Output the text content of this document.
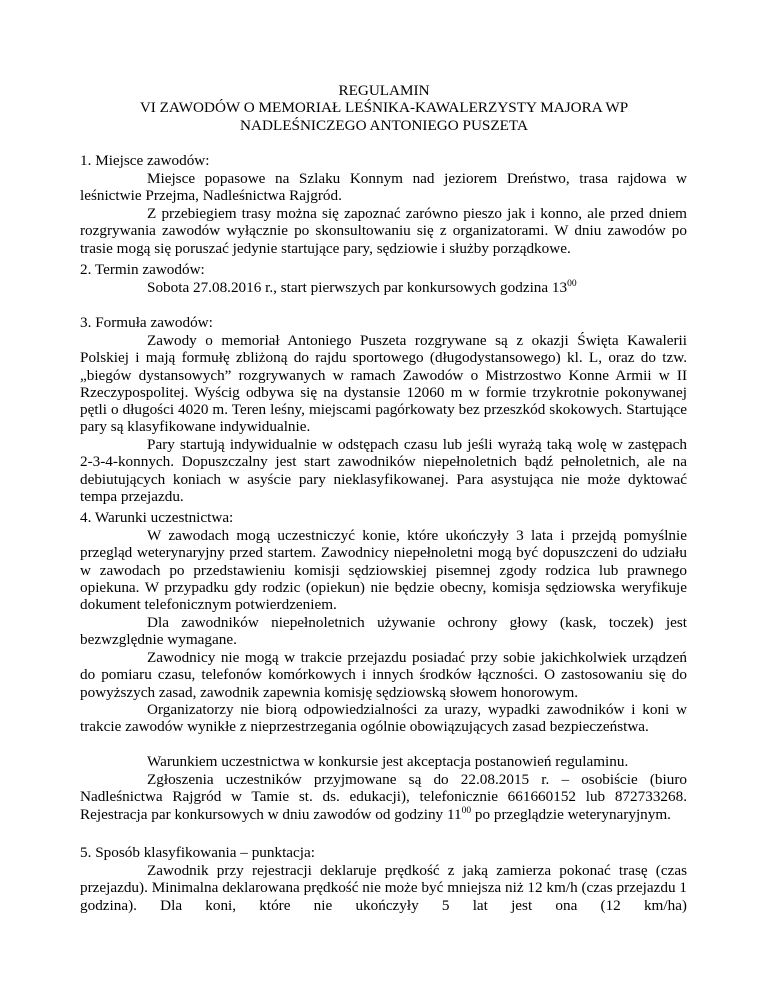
REGULAMIN
VI ZAWODÓW O MEMORIAŁ LEŚNIKA-KAWALERZYSTY MAJORA WP
NADLEŚNICZEGO ANTONIEGO PUSZETA
1. Miejsce zawodów:

Miejsce popasowe na Szlaku Konnym nad jeziorem Dreństwo, trasa rajdowa w leśnictwie Przejma, Nadleśnictwa Rajgród.

Z przebiegiem trasy można się zapoznać zarówno pieszo jak i konno, ale przed dniem rozgrywania zawodów wyłącznie po skonsultowaniu się z organizatorami. W dniu zawodów po trasie mogą się poruszać jedynie startujące pary, sędziowie i służby porządkowe.

2. Termin zawodów:

Sobota 27.08.2016 r., start pierwszych par konkursowych godzina $13^{00}$

3. Formuła zawodów:

Zawody o memoriał Antoniego Puszeta rozgrywane są z okazji Święta Kawalerii Polskiej i mają formułę zbliżoną do rajdu sportowego (długodystansowego) kl. L, oraz do tzw. „biegów dystansowych” rozgrywanych w ramach Zawodów o Mistrzostwo Konne Armii w II Rzeczypospolitej. Wyścig odbywa się na dystansie 12060 m w formie trzykrotnie pokonywanej pętli o długości 4020 m. Teren leśny, miejscami pagórkowaty bez przeszkód skokowych. Startujące pary są klasyfikowane indywidualnie.

Pary startują indywidualnie w odstępach czasu lub jeśli wyrażą taką wolę w zastępach 2-3-4-konnych. Dopuszczalny jest start zawodników niepełnoletnich bądź pełnoletnich, ale na debiutujących koniach w asyście pary nieklasyfikowanej. Para asystująca nie może dyktować tempa przejazdu.

4. Warunki uczestnictwa:

W zawodach mogą uczestniczyć konie, które ukończyły 3 lata i przejdą pomyślnie przegląd weterynaryjny przed startem. Zawodnicy niepełnoletni mogą być dopuszczeni do udziału w zawodach po przedstawieniu komisji sędziowskiej pisemnej zgody rodzica lub prawnego opiekuna. W przypadku gdy rodzic (opiekun) nie będzie obecny, komisja sędziowska weryfikuje dokument telefonicznym potwierdzeniem.

Dla zawodników niepełnoletnich używanie ochrony głowy (kask, toczek) jest bezwzględnie wymagane.

Zawodnicy nie mogą w trakcie przejazdu posiadać przy sobie jakichkolwiek urządzeń do pomiaru czasu, telefonów komórkowych i innych środków łączności. O zastosowaniu się do powyższych zasad, zawodnik zapewnia komisję sędziowską słowem honorowym.

Organizatorzy nie biorą odpowiedzialności za urazy, wypadki zawodników i koni w trakcie zawodów wynikłe z nieprzestrzegania ogólnie obowiązujących zasad bezpieczeństwa.

Warunkiem uczestnictwa w konkursie jest akceptacja postanowień regulaminu.

Zgłoszenia uczestników przyjmowane są do 22.08.2015 r. – osobiście (biuro Nadleśnictwa Rajgród w Tamie st. ds. edukacji), telefonicznie 661660152 lub 872733268. Rejestracja par konkursowych w dniu zawodów od godziny $11^{00}$ po przeglądzie weterynaryjnym.

5. Sposób klasyfikowania – punktacja:

Zawodnik przy rejestracji deklaruje prędkość z jaką zamierza pokonać trasę (czas przejazdu). Minimalna deklarowana prędkość nie może być mniejsza niż 12 km/h (czas przejazdu 1 godzina). Dla koni, które nie ukończyły 5 lat jest ona (12 km/ha)
